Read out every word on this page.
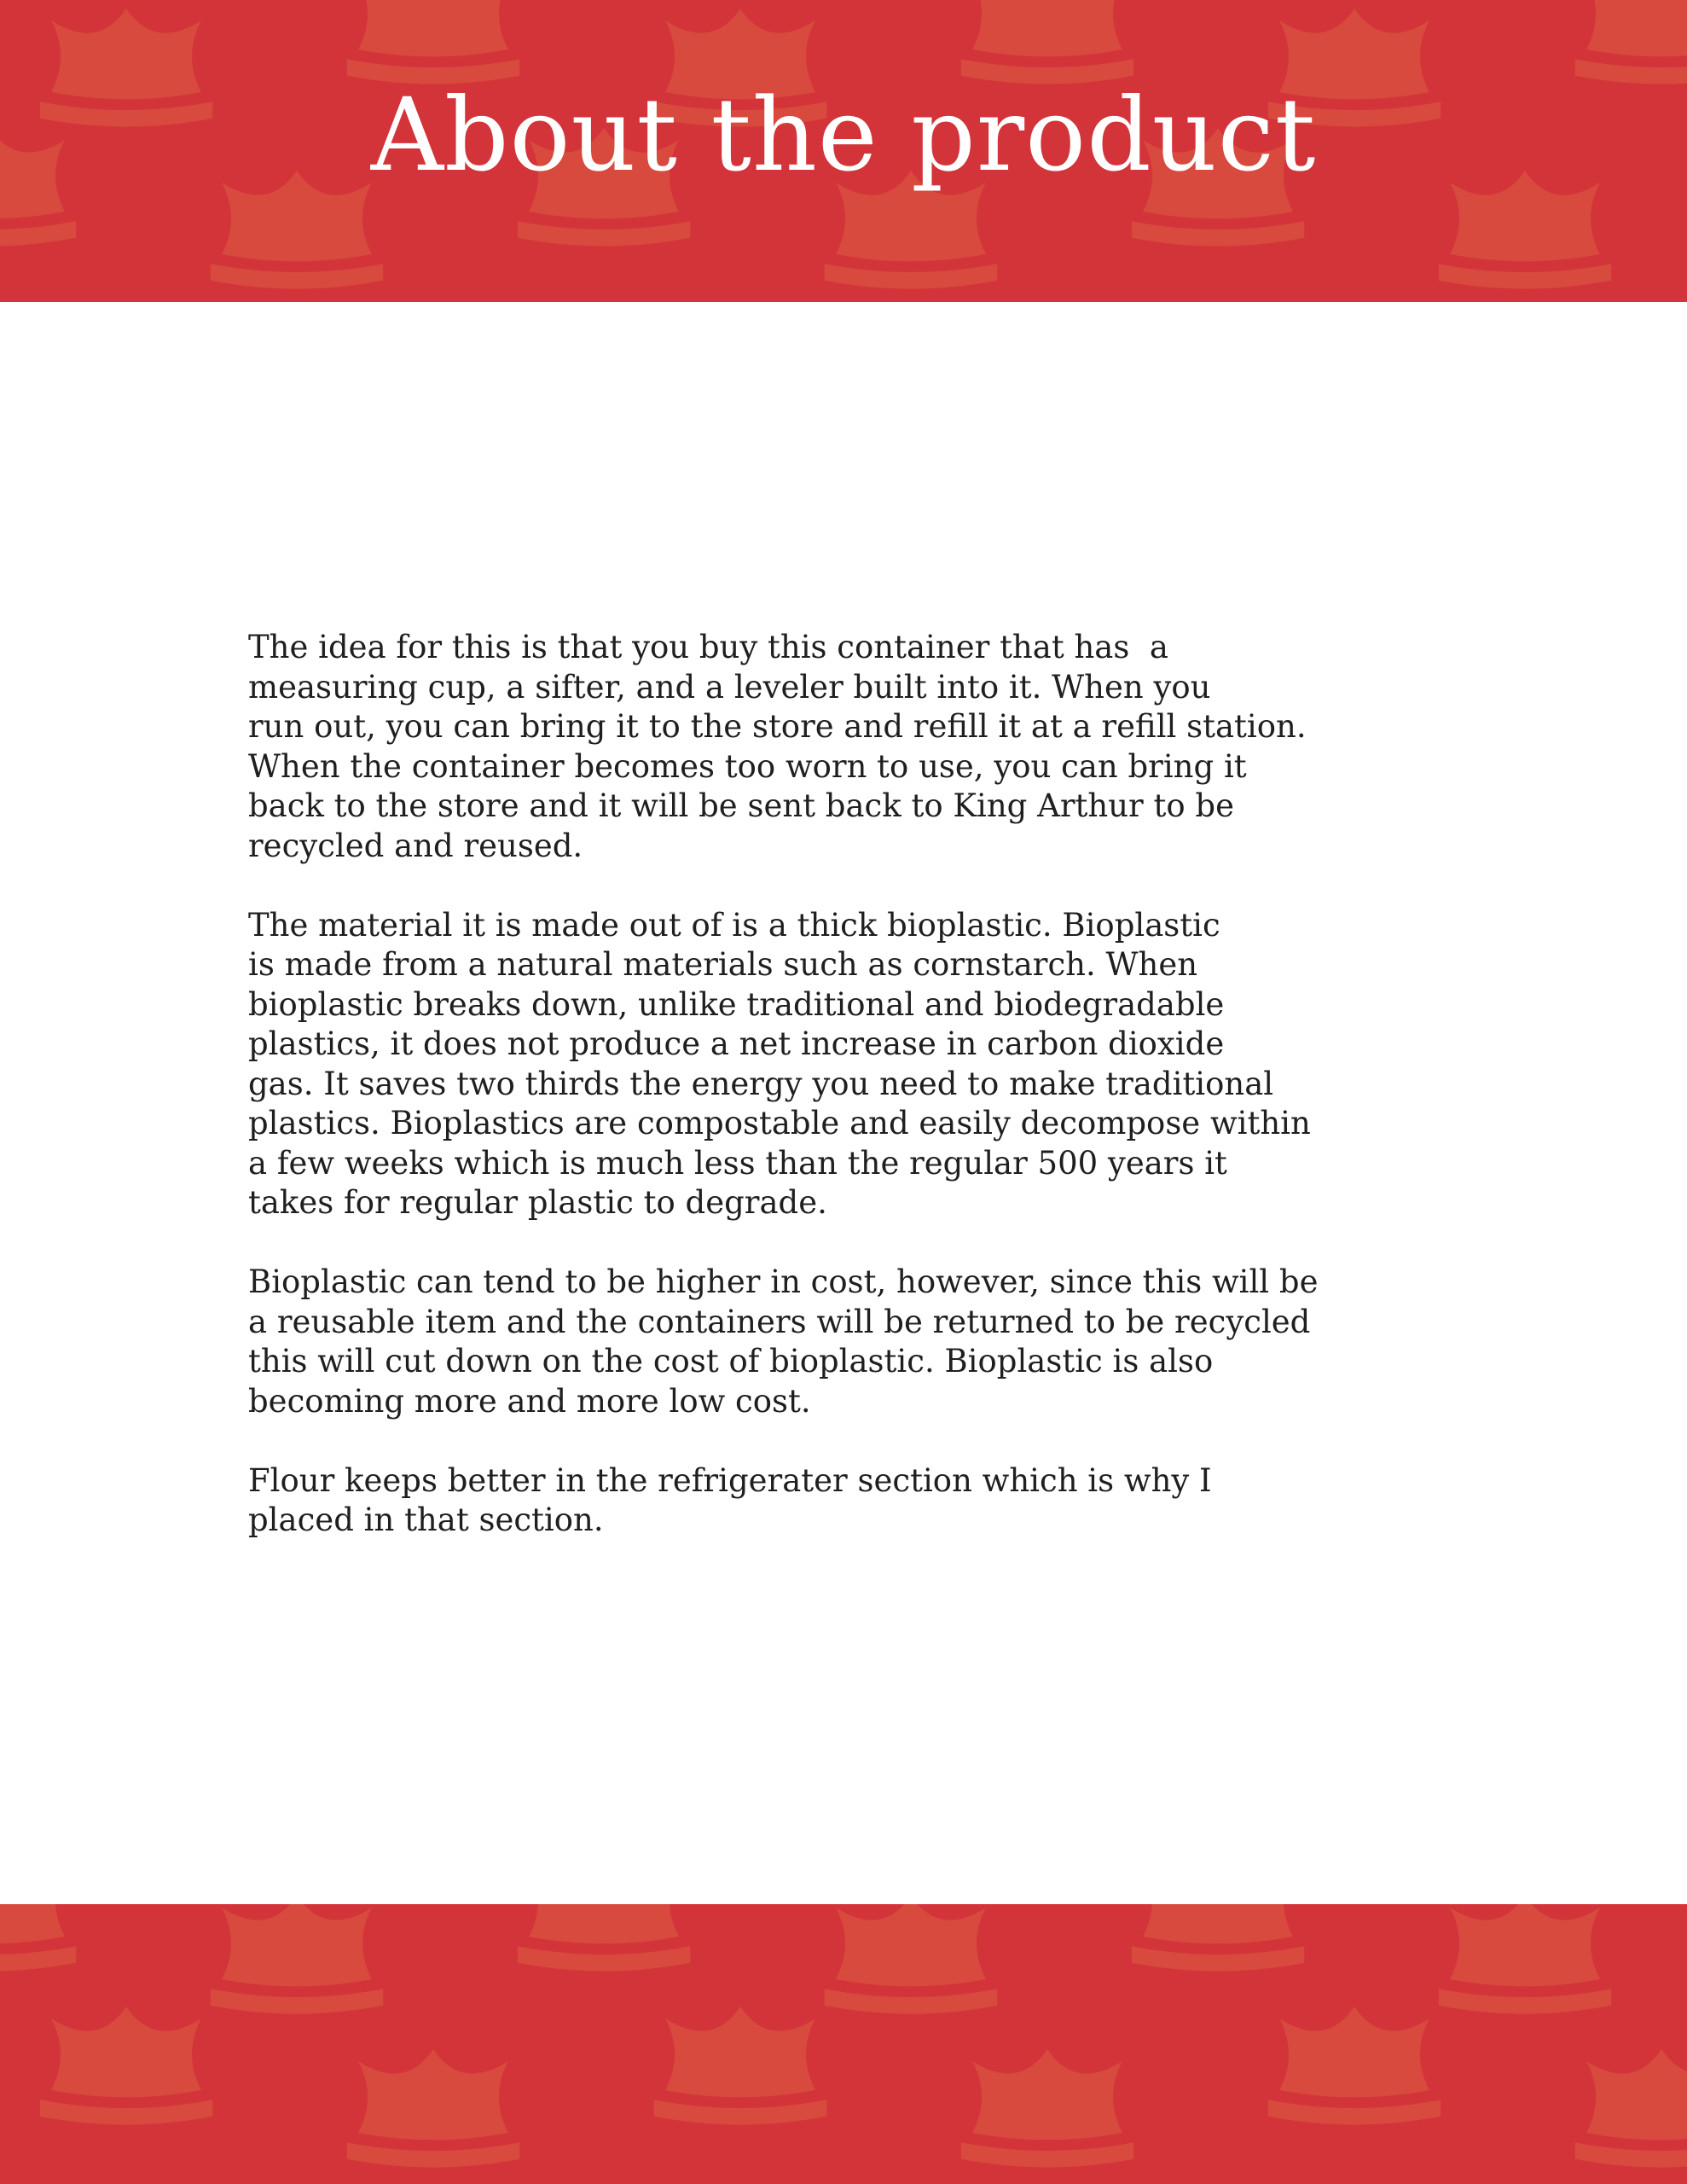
About the product
The idea for this is that you buy this container that has  a
measuring cup, a sifter, and a leveler built into it. When you
run out, you can bring it to the store and refill it at a refill station.
When the container becomes too worn to use, you can bring it
back to the store and it will be sent back to King Arthur to be
recycled and reused.
The material it is made out of is a thick bioplastic. Bioplastic
is made from a natural materials such as cornstarch. When
bioplastic breaks down, unlike traditional and biodegradable
plastics, it does not produce a net increase in carbon dioxide
gas. It saves two thirds the energy you need to make traditional
plastics. Bioplastics are compostable and easily decompose within
a few weeks which is much less than the regular 500 years it
takes for regular plastic to degrade.
Bioplastic can tend to be higher in cost, however, since this will be
a reusable item and the containers will be returned to be recycled
this will cut down on the cost of bioplastic. Bioplastic is also
becoming more and more low cost.
Flour keeps better in the refrigerater section which is why I
placed in that section.
